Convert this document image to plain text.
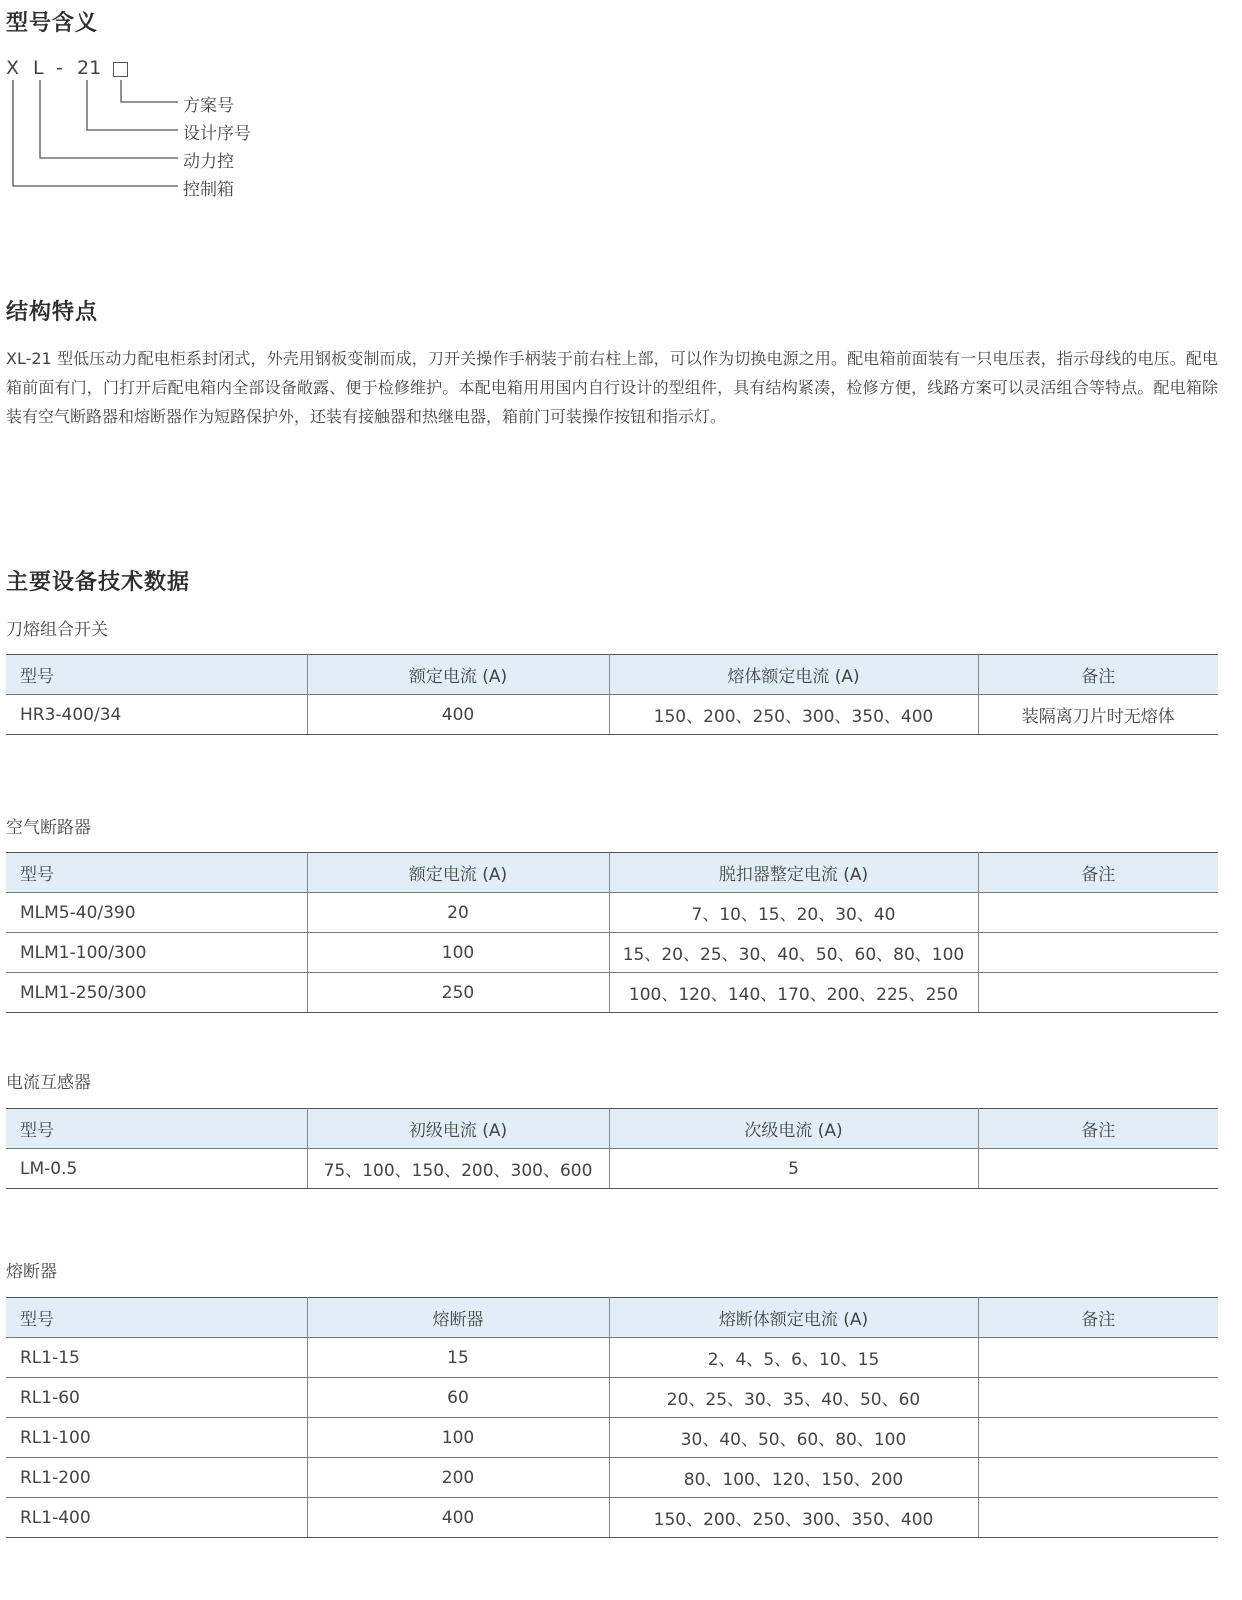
型号含义
X L - 21
方案号
设计序号
动力控
控制箱
结构特点

XL-21 型低压动力配电柜系封闭式，外壳用钢板变制而成，刀开关操作手柄装于前右柱上部，可以作为切换电源之用。配电箱前面装有一只电压表，指示母线的电压。配电箱前面有门，门打开后配电箱内全部设备敞露、便于检修维护。本配电箱用用国内自行设计的型组件，具有结构紧凑，检修方便，线路方案可以灵活组合等特点。配电箱除装有空气断路器和熔断器作为短路保护外，还装有接触器和热继电器，箱前门可装操作按钮和指示灯。

主要设备技术数据
刀熔组合开关
型号	额定电流 (A)	熔体额定电流 (A)	备注
HR3-400/34	400	150、200、250、300、350、400	装隔离刀片时无熔体
空气断路器
型号	额定电流 (A)	脱扣器整定电流 (A)	备注
MLM5-40/390	20	7、10、15、20、30、40	
MLM1-100/300	100	15、20、25、30、40、50、60、80、100	
MLM1-250/300	250	100、120、140、170、200、225、250	
电流互感器
型号	初级电流 (A)	次级电流 (A)	备注
LM-0.5	75、100、150、200、300、600	5	
熔断器
型号	熔断器	熔断体额定电流 (A)	备注
RL1-15	15	2、4、5、6、10、15	
RL1-60	60	20、25、30、35、40、50、60	
RL1-100	100	30、40、50、60、80、100	
RL1-200	200	80、100、120、150、200	
RL1-400	400	150、200、250、300、350、400	
